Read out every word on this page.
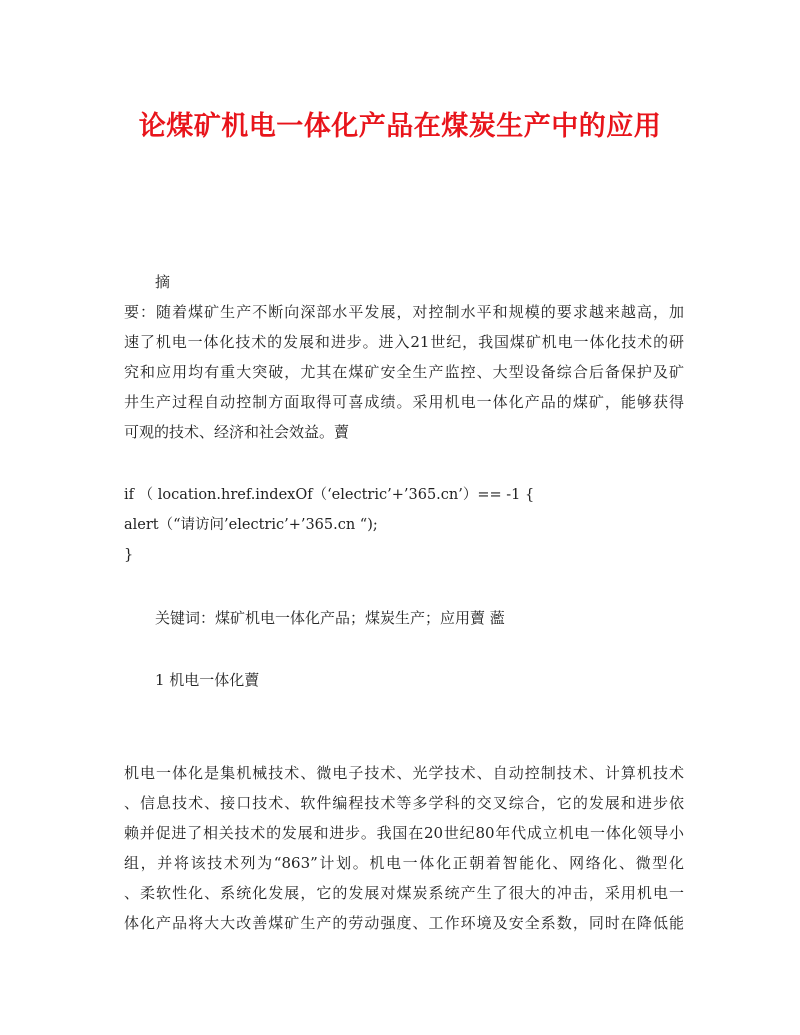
论煤矿机电一体化产品在煤炭生产中的应用
摘
要：随着煤矿生产不断向深部水平发展，对控制水平和规模的要求越来越高，加
速了机电一体化技术的发展和进步。进入21世纪，我国煤矿机电一体化技术的研
究和应用均有重大突破，尤其在煤矿安全生产监控、大型设备综合后备保护及矿
井生产过程自动控制方面取得可喜成绩。采用机电一体化产品的煤矿，能够获得
可观的技术、经济和社会效益。藚
if （ location.href.indexOf（‘electric’+’365.cn’）== -1 {
alert（“请访问’electric’+’365.cn “);
}
关键词：煤矿机电一体化产品；煤炭生产；应用藚 蘫
1 机电一体化藚
机电一体化是集机械技术、微电子技术、光学技术、自动控制技术、计算机技术
、信息技术、接口技术、软件编程技术等多学科的交叉综合，它的发展和进步依
赖并促进了相关技术的发展和进步。我国在20世纪80年代成立机电一体化领导小
组，并将该技术列为“863”计划。机电一体化正朝着智能化、网络化、微型化
、柔软性化、系统化发展，它的发展对煤炭系统产生了很大的冲击，采用机电一
体化产品将大大改善煤矿生产的劳动强度、工作环境及安全系数，同时在降低能
